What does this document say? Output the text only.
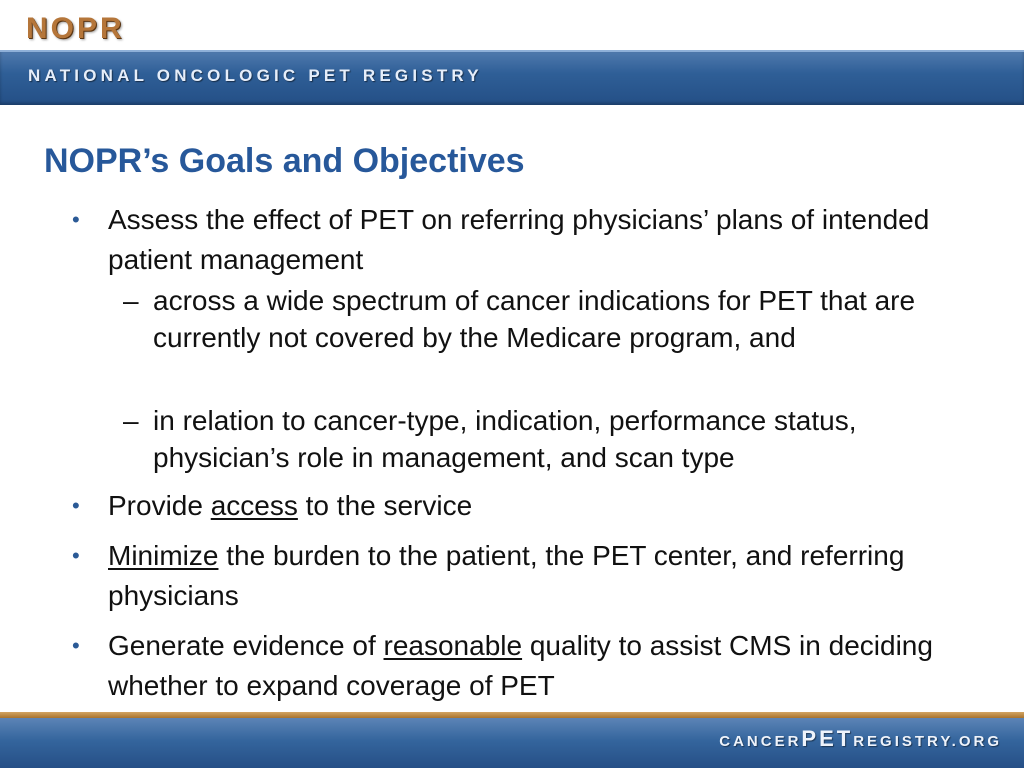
NOPR
NATIONAL ONCOLOGIC PET REGISTRY
NOPR’s Goals and Objectives
• Assess the effect of PET on referring physicians’ plans of intended patient management
– across a wide spectrum of cancer indications for PET that are currently not covered by the Medicare program, and
– in relation to cancer-type, indication, performance status, physician’s role in management, and scan type
• Provide access to the service
• Minimize the burden to the patient, the PET center, and referring physicians
• Generate evidence of reasonable quality to assist CMS in deciding whether to expand coverage of PET
CANCERPETREGISTRY.ORG
